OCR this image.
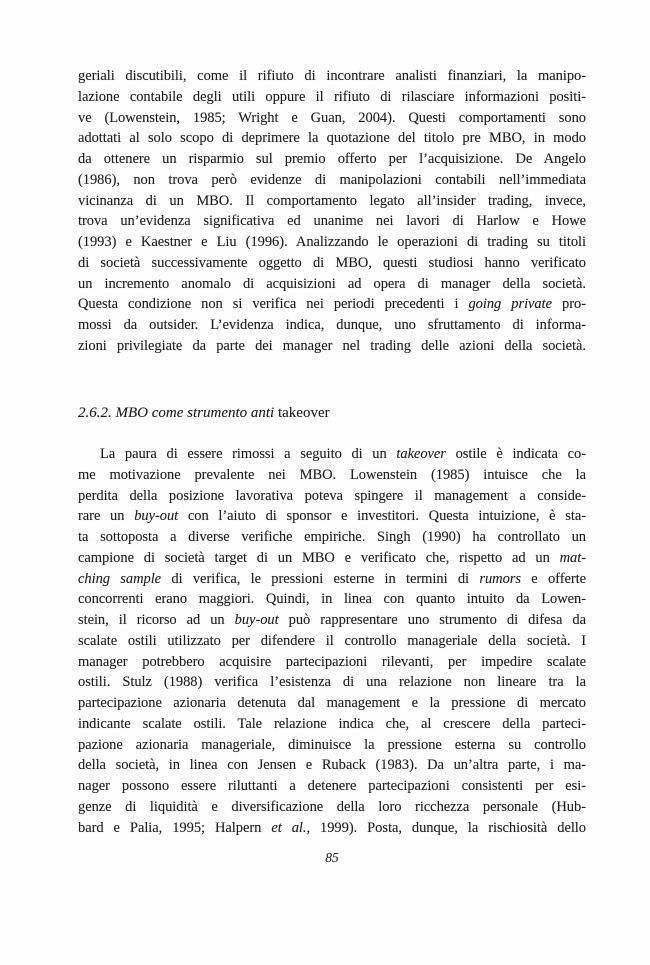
geriali discutibili, come il rifiuto di incontrare analisti finanziari, la manipo-
lazione contabile degli utili oppure il rifiuto di rilasciare informazioni positi-
ve (Lowenstein, 1985; Wright e Guan, 2004). Questi comportamenti sono
adottati al solo scopo di deprimere la quotazione del titolo pre MBO, in modo
da ottenere un risparmio sul premio offerto per l’acquisizione. De Angelo
(1986), non trova però evidenze di manipolazioni contabili nell’immediata
vicinanza di un MBO. Il comportamento legato all’insider trading, invece,
trova un’evidenza significativa ed unanime nei lavori di Harlow e Howe
(1993) e Kaestner e Liu (1996). Analizzando le operazioni di trading su titoli
di società successivamente oggetto di MBO, questi studiosi hanno verificato
un incremento anomalo di acquisizioni ad opera di manager della società.
Questa condizione non si verifica nei periodi precedenti i going private pro-
mossi da outsider. L’evidenza indica, dunque, uno sfruttamento di informa-
zioni privilegiate da parte dei manager nel trading delle azioni della società.
2.6.2. MBO come strumento anti takeover
La paura di essere rimossi a seguito di un takeover ostile è indicata co-
me motivazione prevalente nei MBO. Lowenstein (1985) intuisce che la
perdita della posizione lavorativa poteva spingere il management a conside-
rare un buy-out con l’aiuto di sponsor e investitori. Questa intuizione, è sta-
ta sottoposta a diverse verifiche empiriche. Singh (1990) ha controllato un
campione di società target di un MBO e verificato che, rispetto ad un mat-
ching sample di verifica, le pressioni esterne in termini di rumors e offerte
concorrenti erano maggiori. Quindi, in linea con quanto intuito da Lowen-
stein, il ricorso ad un buy-out può rappresentare uno strumento di difesa da
scalate ostili utilizzato per difendere il controllo manageriale della società. I
manager potrebbero acquisire partecipazioni rilevanti, per impedire scalate
ostili. Stulz (1988) verifica l’esistenza di una relazione non lineare tra la
partecipazione azionaria detenuta dal management e la pressione di mercato
indicante scalate ostili. Tale relazione indica che, al crescere della parteci-
pazione azionaria manageriale, diminuisce la pressione esterna su controllo
della società, in linea con Jensen e Ruback (1983). Da un’altra parte, i ma-
nager possono essere riluttanti a detenere partecipazioni consistenti per esi-
genze di liquidità e diversificazione della loro ricchezza personale (Hub-
bard e Palia, 1995; Halpern et al., 1999). Posta, dunque, la rischiosità dello
85
